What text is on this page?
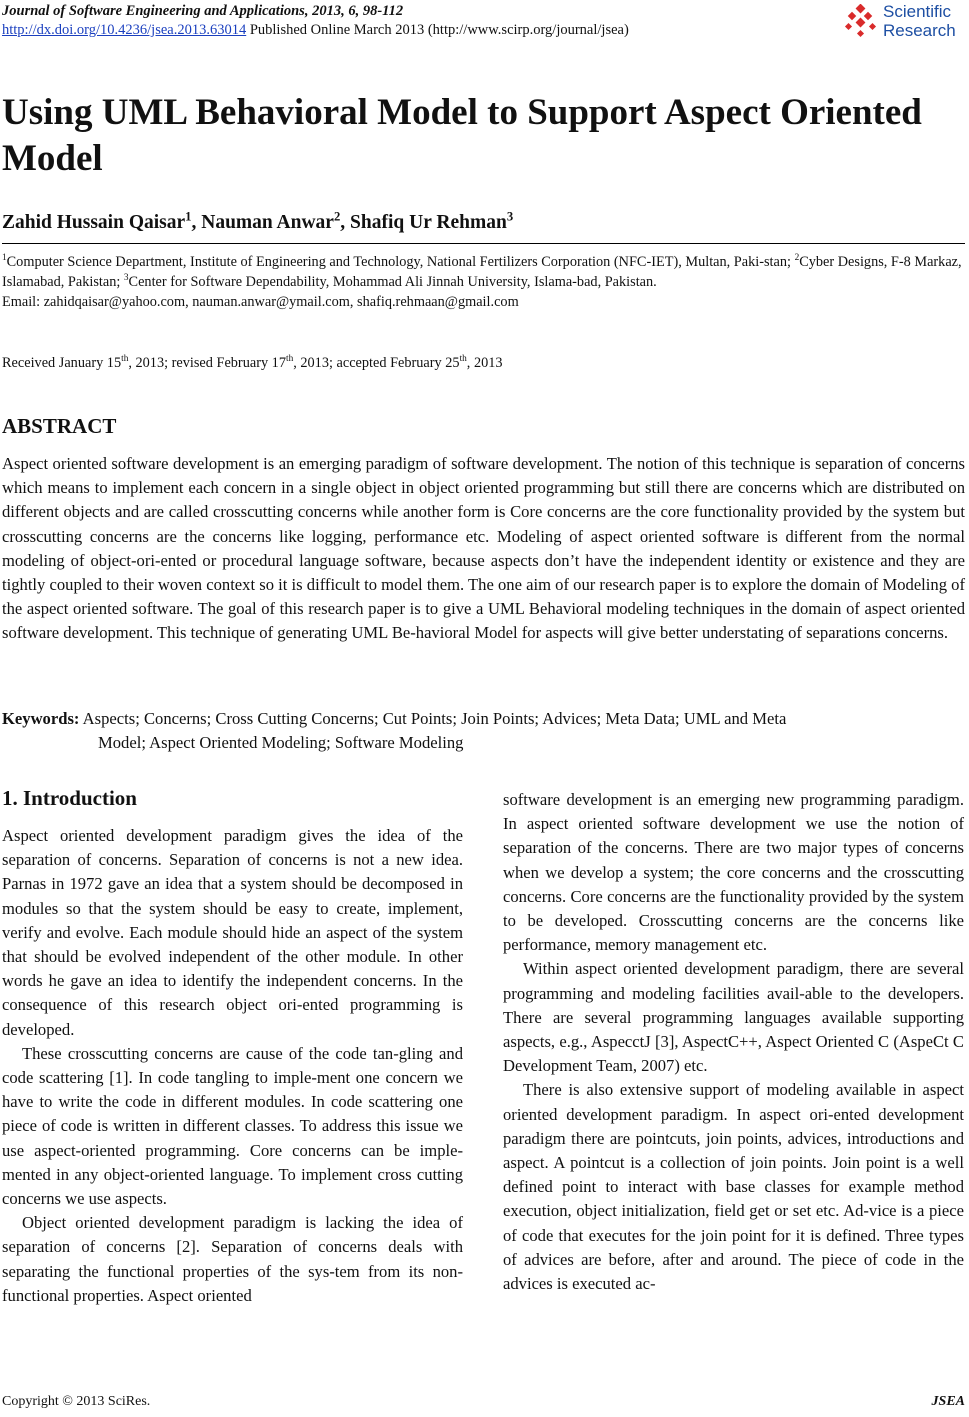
Journal of Software Engineering and Applications, 2013, 6, 98-112
http://dx.doi.org/10.4236/jsea.2013.63014 Published Online March 2013 (http://www.scirp.org/journal/jsea)
Scientific
Research
Using UML Behavioral Model to Support Aspect Oriented Model
Zahid Hussain Qaisar$^1$, Nauman Anwar$^2$, Shafiq Ur Rehman$^3$
$^1$Computer Science Department, Institute of Engineering and Technology, National Fertilizers Corporation (NFC-IET), Multan, Paki-stan; $^2$Cyber Designs, F-8 Markaz, Islamabad, Pakistan; $^3$Center for Software Dependability, Mohammad Ali Jinnah University, Islama-bad, Pakistan.
Email: zahidqaisar@yahoo.com, nauman.anwar@ymail.com, shafiq.rehmaan@gmail.com
Received January 15th, 2013; revised February 17th, 2013; accepted February 25th, 2013
ABSTRACT

Aspect oriented software development is an emerging paradigm of software development. The notion of this technique is separation of concerns which means to implement each concern in a single object in object oriented programming but still there are concerns which are distributed on different objects and are called crosscutting concerns while another form is Core concerns are the core functionality provided by the system but crosscutting concerns are the concerns like logging, performance etc. Modeling of aspect oriented software is different from the normal modeling of object-ori-ented or procedural language software, because aspects don’t have the independent identity or existence and they are tightly coupled to their woven context so it is difficult to model them. The one aim of our research paper is to explore the domain of Modeling of the aspect oriented software. The goal of this research paper is to give a UML Behavioral modeling techniques in the domain of aspect oriented software development. This technique of generating UML Be-havioral Model for aspects will give better understating of separations concerns.

Keywords: Aspects; Concerns; Cross Cutting Concerns; Cut Points; Join Points; Advices; Meta Data; UML and Meta
Model; Aspect Oriented Modeling; Software Modeling
1. Introduction

Aspect oriented development paradigm gives the idea of the separation of concerns. Separation of concerns is not a new idea. Parnas in 1972 gave an idea that a system should be decomposed in modules so that the system should be easy to create, implement, verify and evolve. Each module should hide an aspect of the system that should be evolved independent of the other module. In other words he gave an idea to identify the independent concerns. In the consequence of this research object ori-ented programming is developed.

These crosscutting concerns are cause of the code tan-gling and code scattering [1]. In code tangling to imple-ment one concern we have to write the code in different modules. In code scattering one piece of code is written in different classes. To address this issue we use aspect-oriented programming. Core concerns can be imple-mented in any object-oriented language. To implement cross cutting concerns we use aspects.

Object oriented development paradigm is lacking the idea of separation of concerns [2]. Separation of concerns deals with separating the functional properties of the sys-tem from its non-functional properties. Aspect oriented

software development is an emerging new programming paradigm. In aspect oriented software development we use the notion of separation of the concerns. There are two major types of concerns when we develop a system; the core concerns and the crosscutting concerns. Core concerns are the functionality provided by the system to be developed. Crosscutting concerns are the concerns like performance, memory management etc.

Within aspect oriented development paradigm, there are several programming and modeling facilities avail-able to the developers. There are several programming languages available supporting aspects, e.g., AspecctJ [3], AspectC++, Aspect Oriented C (AspeCt C Development Team, 2007) etc.

There is also extensive support of modeling available in aspect oriented development paradigm. In aspect ori-ented development paradigm there are pointcuts, join points, advices, introductions and aspect. A pointcut is a collection of join points. Join point is a well defined point to interact with base classes for example method execution, object initialization, field get or set etc. Ad-vice is a piece of code that executes for the join point for it is defined. Three types of advices are before, after and around. The piece of code in the advices is executed ac-

Copyright © 2013 SciRes.	JSEA
